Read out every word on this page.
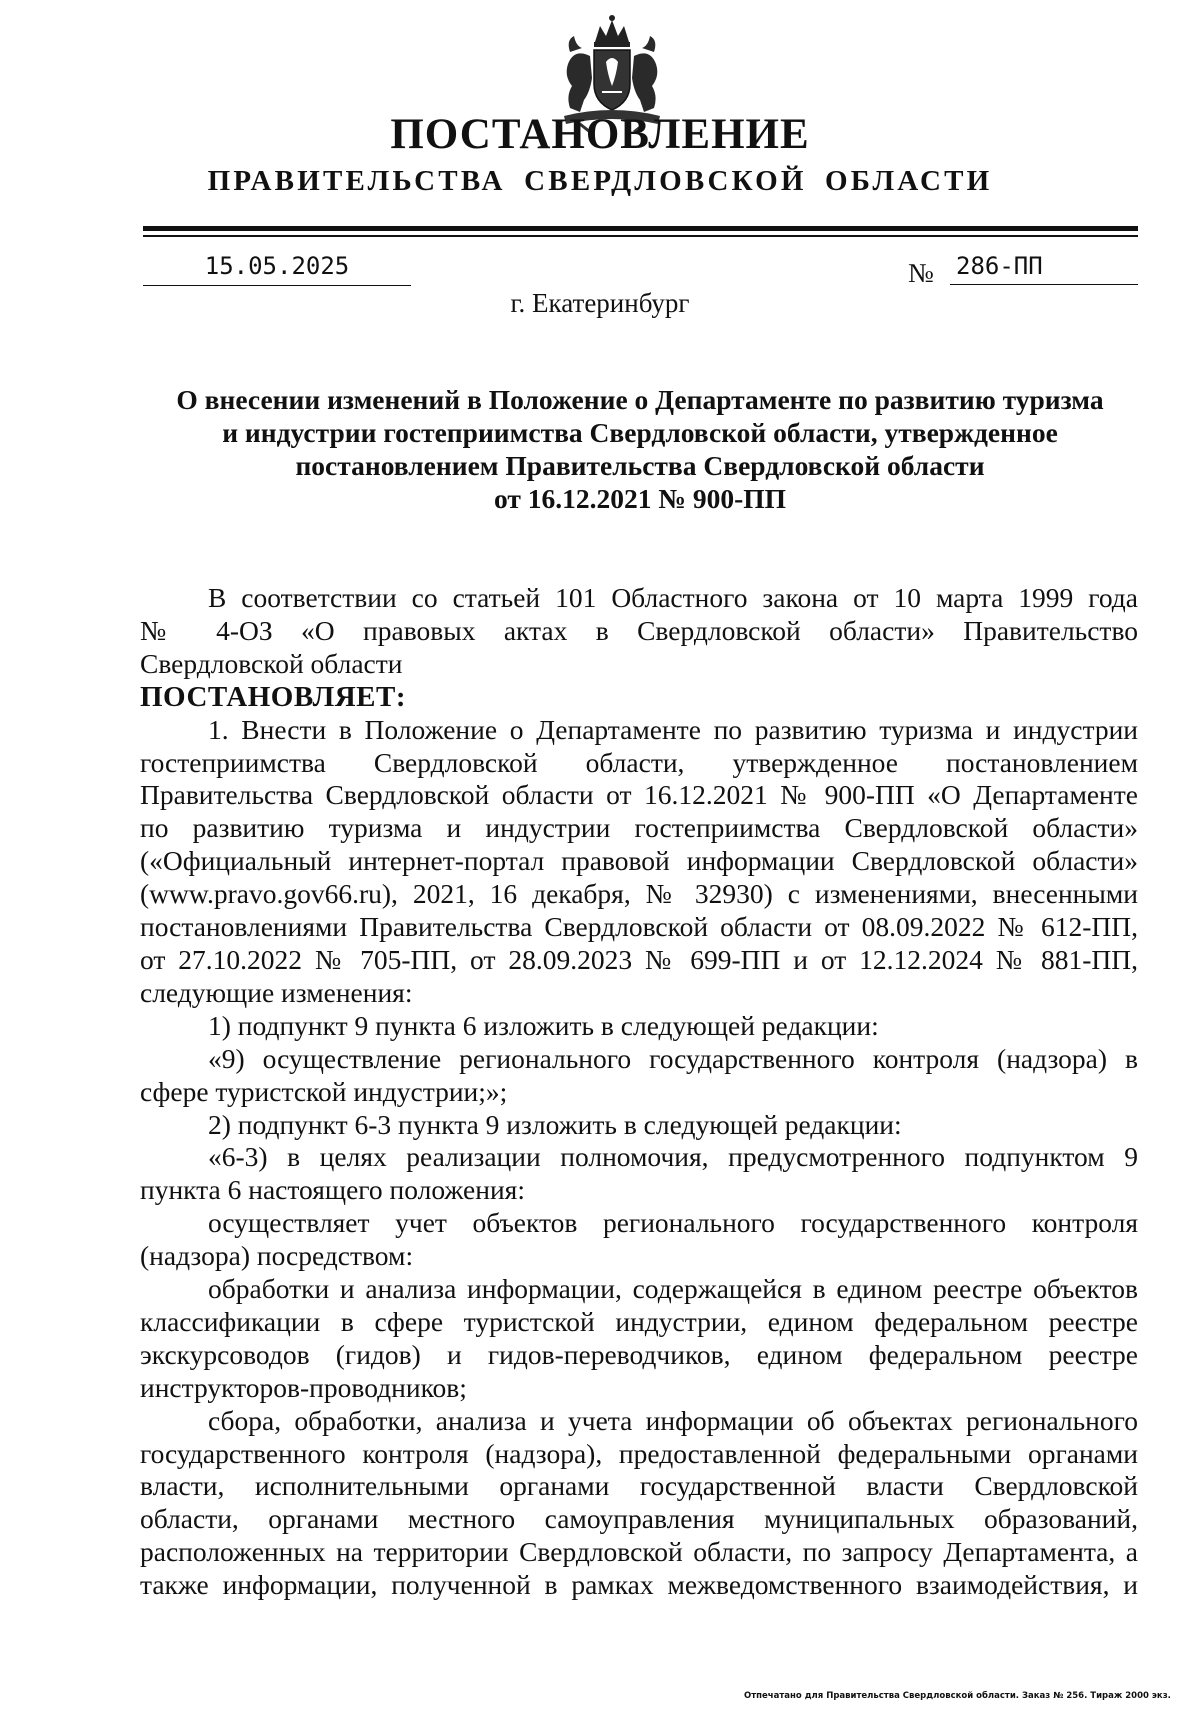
ПОСТАНОВЛЕНИЕ
ПРАВИТЕЛЬСТВА СВЕРДЛОВСКОЙ ОБЛАСТИ
15.05.2025	№ 286-ПП
г. Екатеринбург
О внесении изменений в Положение о Департаменте по развитию туризма
и индустрии гостеприимства Свердловской области, утвержденное
постановлением Правительства Свердловской области
от 16.12.2021 № 900-ПП

В соответствии со статьей 101 Областного закона от 10 марта 1999 года
№ 4-ОЗ «О правовых актах в Свердловской области» Правительство
Свердловской области

ПОСТАНОВЛЯЕТ:

1. Внести в Положение о Департаменте по развитию туризма и индустрии
гостеприимства Свердловской области, утвержденное постановлением
Правительства Свердловской области от 16.12.2021 № 900-ПП «О Департаменте
по развитию туризма и индустрии гостеприимства Свердловской области»
(«Официальный интернет-портал правовой информации Свердловской области»
(www.pravo.gov66.ru), 2021, 16 декабря, № 32930) с изменениями, внесенными
постановлениями Правительства Свердловской области от 08.09.2022 № 612-ПП,
от 27.10.2022 № 705-ПП, от 28.09.2023 № 699-ПП и от 12.12.2024 № 881-ПП,
следующие изменения:

1) подпункт 9 пункта 6 изложить в следующей редакции:

«9) осуществление регионального государственного контроля (надзора) в
сфере туристской индустрии;»;

2) подпункт 6-3 пункта 9 изложить в следующей редакции:

«6-3) в целях реализации полномочия, предусмотренного подпунктом 9
пункта 6 настоящего положения:

осуществляет учет объектов регионального государственного контроля
(надзора) посредством:

обработки и анализа информации, содержащейся в едином реестре объектов
классификации в сфере туристской индустрии, едином федеральном реестре
экскурсоводов (гидов) и гидов-переводчиков, едином федеральном реестре
инструкторов-проводников;

сбора, обработки, анализа и учета информации об объектах регионального
государственного контроля (надзора), предоставленной федеральными органами
власти, исполнительными органами государственной власти Свердловской
области, органами местного самоуправления муниципальных образований,
расположенных на территории Свердловской области, по запросу Департамента, а
также информации, полученной в рамках межведомственного взаимодействия, и

Отпечатано для Правительства Свердловской области. Заказ № 256. Тираж 2000 экз.
